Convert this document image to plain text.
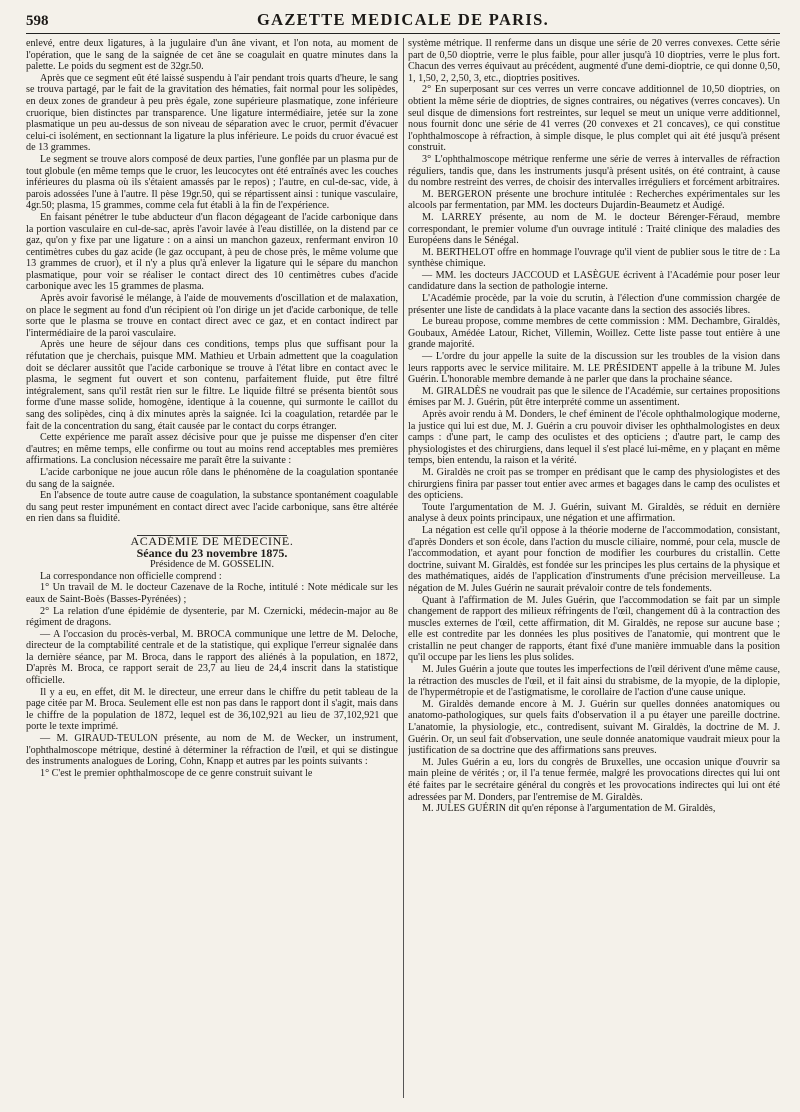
598	GAZETTE MEDICALE DE PARIS.

enlevé, entre deux ligatures, à la jugulaire d'un âne vivant, et l'on nota, au moment de l'opération, que le sang de la saignée de cet âne se coagulait en quatre minutes dans la palette. Le poids du segment est de 32gr.50.

Après que ce segment eût été laissé suspendu à l'air pendant trois quarts d'heure, le sang se trouva partagé, par le fait de la gravitation des hématies, fait normal pour les solipèdes, en deux zones de grandeur à peu près égale, zone supérieure plasmatique, zone inférieure cruorique, bien distinctes par transparence. Une ligature intermédiaire, jetée sur la zone plasmatique un peu au-dessus de son niveau de séparation avec le cruor, permit d'évacuer celui-ci isolément, en sectionnant la ligature la plus inférieure. Le poids du cruor évacué est de 13 grammes.

Le segment se trouve alors composé de deux parties, l'une gonflée par un plasma pur de tout globule (en même temps que le cruor, les leucocytes ont été entraînés avec les couches inférieures du plasma où ils s'étaient amassés par le repos) ; l'autre, en cul-de-sac, vide, à parois adossées l'une à l'autre. Il pèse 19gr.50, qui se répartissent ainsi : tunique vasculaire, 4gr.50; plasma, 15 grammes, comme cela fut établi à la fin de l'expérience.

En faisant pénétrer le tube abducteur d'un flacon dégageant de l'acide carbonique dans la portion vasculaire en cul-de-sac, après l'avoir lavée à l'eau distillée, on la distend par ce gaz, qu'on y fixe par une ligature : on a ainsi un manchon gazeux, renfermant environ 10 centimètres cubes du gaz acide (le gaz occupant, à peu de chose près, le même volume que 13 grammes de cruor), et il n'y a plus qu'à enlever la ligature qui le sépare du manchon plasmatique, pour voir se réaliser le contact direct des 10 centimètres cubes d'acide carbonique avec les 15 grammes de plasma.

Après avoir favorisé le mélange, à l'aide de mouvements d'oscillation et de malaxation, on place le segment au fond d'un récipient où l'on dirige un jet d'acide carbonique, de telle sorte que le plasma se trouve en contact direct avec ce gaz, et en contact indirect par l'intermédiaire de la paroi vasculaire.

Après une heure de séjour dans ces conditions, temps plus que suffisant pour la réfutation que je cherchais, puisque MM. Mathieu et Urbain admettent que la coagulation doit se déclarer aussitôt que l'acide carbonique se trouve à l'état libre en contact avec le plasma, le segment fut ouvert et son contenu, parfaitement fluide, put être filtré intégralement, sans qu'il restât rien sur le filtre. Le liquide filtré se présenta bientôt sous forme d'une masse solide, homogène, identique à la couenne, qui surmonte le caillot du sang des solipèdes, cinq à dix minutes après la saignée. Ici la coagulation, retardée par le fait de la concentration du sang, était causée par le contact du corps étranger.

Cette expérience me paraît assez décisive pour que je puisse me dispenser d'en citer d'autres; en même temps, elle confirme ou tout au moins rend acceptables mes premières affirmations. La conclusion nécessaire me paraît être la suivante :

L'acide carbonique ne joue aucun rôle dans le phénomène de la coagulation spontanée du sang de la saignée.

En l'absence de toute autre cause de coagulation, la substance spontanément coagulable du sang peut rester impunément en contact direct avec l'acide carbonique, sans être altérée en rien dans sa fluidité.

ACADÉMIE DE MÉDECINE.

Séance du 23 novembre 1875.

Présidence de M. GOSSELIN.

La correspondance non officielle comprend :

1° Un travail de M. le docteur Cazenave de la Roche, intitulé : Note médicale sur les eaux de Saint-Boès (Basses-Pyrénées) ;

2° La relation d'une épidémie de dysenterie, par M. Czernicki, médecin-major au 8e régiment de dragons.

— A l'occasion du procès-verbal, M. BROCA communique une lettre de M. Deloche, directeur de la comptabilité centrale et de la statistique, qui explique l'erreur signalée dans la dernière séance, par M. Broca, dans le rapport des aliénés à la population, en 1872, D'après M. Broca, ce rapport serait de 23,7 au lieu de 24,4 inscrit dans la statistique officielle.

Il y a eu, en effet, dit M. le directeur, une erreur dans le chiffre du petit tableau de la page citée par M. Broca. Seulement elle est non pas dans le rapport dont il s'agit, mais dans le chiffre de la population de 1872, lequel est de 36,102,921 au lieu de 37,102,921 que porte le texte imprimé.

— M. GIRAUD-TEULON présente, au nom de M. de Wecker, un instrument, l'ophthalmoscope métrique, destiné à déterminer la réfraction de l'œil, et qui se distingue des instruments analogues de Loring, Cohn, Knapp et autres par les points suivants :

1° C'est le premier ophthalmoscope de ce genre construit suivant le

système métrique. Il renferme dans un disque une série de 20 verres convexes. Cette série part de 0,50 dioptrie, verre le plus faible, pour aller jusqu'à 10 dioptries, verre le plus fort. Chacun des verres équivaut au précédent, augmenté d'une demi-dioptrie, ce qui donne 0,50, 1, 1,50, 2, 2,50, 3, etc., dioptries positives.

2° En superposant sur ces verres un verre concave additionnel de 10,50 dioptries, on obtient la même série de dioptries, de signes contraires, ou négatives (verres concaves). Un seul disque de dimensions fort restreintes, sur lequel se meut un unique verre additionnel, nous fournit donc une série de 41 verres (20 convexes et 21 concaves), ce qui constitue l'ophthalmoscope à réfraction, à simple disque, le plus complet qui ait été jusqu'à présent construit.

3° L'ophthalmoscope métrique renferme une série de verres à intervalles de réfraction réguliers, tandis que, dans les instruments jusqu'à présent usités, on été contraint, à cause du nombre restreint des verres, de choisir des intervalles irréguliers et forcément arbitraires.

M. BERGERON présente une brochure intitulée : Recherches expérimentales sur les alcools par fermentation, par MM. les docteurs Dujardin-Beaumetz et Audigé.

M. LARREY présente, au nom de M. le docteur Bérenger-Féraud, membre correspondant, le premier volume d'un ouvrage intitulé : Traité clinique des maladies des Européens dans le Sénégal.

M. BERTHELOT offre en hommage l'ouvrage qu'il vient de publier sous le titre de : La synthèse chimique.

— MM. les docteurs JACCOUD et LASÈGUE écrivent à l'Académie pour poser leur candidature dans la section de pathologie interne.

L'Académie procède, par la voie du scrutin, à l'élection d'une commission chargée de présenter une liste de candidats à la place vacante dans la section des associés libres.

Le bureau propose, comme membres de cette commission : MM. Dechambre, Giraldès, Goubaux, Amédée Latour, Richet, Villemin, Woillez. Cette liste passe tout entière à une grande majorité.

— L'ordre du jour appelle la suite de la discussion sur les troubles de la vision dans leurs rapports avec le service militaire. M. LE PRÉSIDENT appelle à la tribune M. Jules Guérin. L'honorable membre demande à ne parler que dans la prochaine séance.

M. GIRALDÈS ne voudrait pas que le silence de l'Académie, sur certaines propositions émises par M. J. Guérin, pût être interprété comme un assentiment.

Après avoir rendu à M. Donders, le chef éminent de l'école ophthalmologique moderne, la justice qui lui est due, M. J. Guérin a cru pouvoir diviser les ophthalmologistes en deux camps : d'une part, le camp des oculistes et des opticiens ; d'autre part, le camp des physiologistes et des chirurgiens, dans lequel il s'est placé lui-même, en y plaçant en même temps, bien entendu, la raison et la vérité.

M. Giraldès ne croit pas se tromper en prédisant que le camp des physiologistes et des chirurgiens finira par passer tout entier avec armes et bagages dans le camp des oculistes et des opticiens.

Toute l'argumentation de M. J. Guérin, suivant M. Giraldès, se réduit en dernière analyse à deux points principaux, une négation et une affirmation.

La négation est celle qu'il oppose à la théorie moderne de l'accommodation, consistant, d'après Donders et son école, dans l'action du muscle ciliaire, nommé, pour cela, muscle de l'accommodation, et ayant pour fonction de modifier les courbures du cristallin. Cette doctrine, suivant M. Giraldès, est fondée sur les principes les plus certains de la physique et des mathématiques, aidés de l'application d'instruments d'une précision merveilleuse. La négation de M. Jules Guérin ne saurait prévaloir contre de tels fondements.

Quant à l'affirmation de M. Jules Guérin, que l'accommodation se fait par un simple changement de rapport des milieux réfringents de l'œil, changement dû à la contraction des muscles externes de l'œil, cette affirmation, dit M. Giraldès, ne repose sur aucune base ; elle est contredite par les données les plus positives de l'anatomie, qui montrent que le cristallin ne peut changer de rapports, étant fixé d'une manière immuable dans la position qu'il occupe par les liens les plus solides.

M. Jules Guérin a joute que toutes les imperfections de l'œil dérivent d'une même cause, la rétraction des muscles de l'œil, et il fait ainsi du strabisme, de la myopie, de la diplopie, de l'hypermétropie et de l'astigmatisme, le corollaire de l'action d'une cause unique.

M. Giraldès demande encore à M. J. Guérin sur quelles données anatomiques ou anatomo-pathologiques, sur quels faits d'observation il a pu étayer une pareille doctrine. L'anatomie, la physiologie, etc., contredisent, suivant M. Giraldès, la doctrine de M. J. Guérin. Or, un seul fait d'observation, une seule donnée anatomique vaudrait mieux pour la justification de sa doctrine que des affirmations sans preuves.

M. Jules Guérin a eu, lors du congrès de Bruxelles, une occasion unique d'ouvrir sa main pleine de vérités ; or, il l'a tenue fermée, malgré les provocations directes qui lui ont été faites par le secrétaire général du congrès et les provocations indirectes qui lui ont été adressées par M. Donders, par l'entremise de M. Giraldès.

M. JULES GUÉRIN dit qu'en réponse à l'argumentation de M. Giraldès,
